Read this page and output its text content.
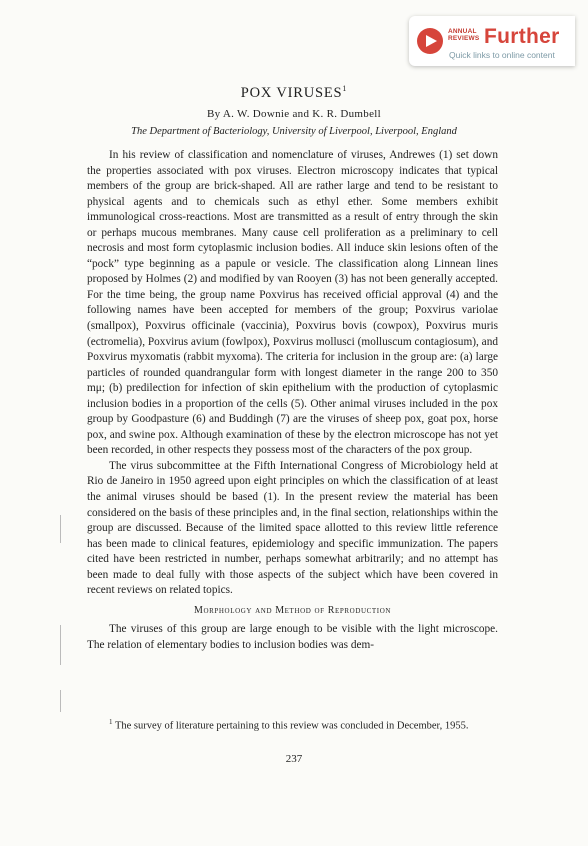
ANNUAL
REVIEWS Further
Quick links to online content
POX VIRUSES$^1$
By A. W. Downie and K. R. Dumbell
The Department of Bacteriology, University of Liverpool, Liverpool, England

In his review of classification and nomenclature of viruses, Andrewes (1) set down the properties associated with pox viruses. Electron microscopy indicates that typical members of the group are brick-shaped. All are rather large and tend to be resistant to physical agents and to chemicals such as ethyl ether. Some members exhibit immunological cross-reactions. Most are transmitted as a result of entry through the skin or perhaps mucous membranes. Many cause cell proliferation as a preliminary to cell necrosis and most form cytoplasmic inclusion bodies. All induce skin lesions often of the “pock” type beginning as a papule or vesicle. The classification along Linnean lines proposed by Holmes (2) and modified by van Rooyen (3) has not been generally accepted. For the time being, the group name Poxvirus has received official approval (4) and the following names have been accepted for members of the group; Poxvirus variolae (smallpox), Poxvirus officinale (vaccinia), Poxvirus bovis (cowpox), Poxvirus muris (ectromelia), Poxvirus avium (fowlpox), Poxvirus mollusci (molluscum contagiosum), and Poxvirus myxomatis (rabbit myxoma). The criteria for inclusion in the group are: (a) large particles of rounded quandrangular form with longest diameter in the range 200 to 350 mμ; (b) predilection for infection of skin epithelium with the production of cytoplasmic inclusion bodies in a proportion of the cells (5). Other animal viruses included in the pox group by Goodpasture (6) and Buddingh (7) are the viruses of sheep pox, goat pox, horse pox, and swine pox. Although examination of these by the electron microscope has not yet been recorded, in other respects they possess most of the characters of the pox group.

The virus subcommittee at the Fifth International Congress of Microbiology held at Rio de Janeiro in 1950 agreed upon eight principles on which the classification of at least the animal viruses should be based (1). In the present review the material has been considered on the basis of these principles and, in the final section, relationships within the group are discussed. Because of the limited space allotted to this review little reference has been made to clinical features, epidemiology and specific immunization. The papers cited have been restricted in number, perhaps somewhat arbitrarily; and no attempt has been made to deal fully with those aspects of the subject which have been covered in recent reviews on related topics.

Morphology and Method of Reproduction

The viruses of this group are large enough to be visible with the light microscope. The relation of elementary bodies to inclusion bodies was dem-

$^1$ The survey of literature pertaining to this review was concluded in December, 1955.
237
